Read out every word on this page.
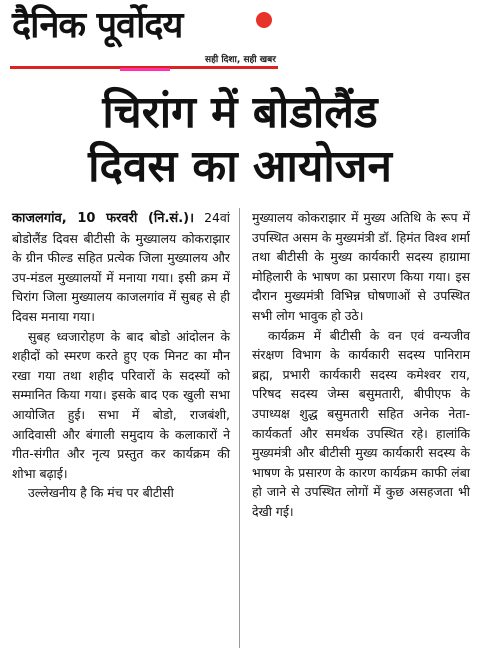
दैनिक पूर्वोदय
सही दिशा, सही खबर
चिरांग में बोडोलैंड
दिवस का आयोजन

काजलगांव, 10 फरवरी (नि.सं.)। 24वां बोडोलैंड दिवस बीटीसी के मुख्यालय कोकराझार के ग्रीन फील्ड सहित प्रत्येक जिला मुख्यालय और उप-मंडल मुख्यालयों में मनाया गया। इसी क्रम में चिरांग जिला मुख्यालय काजलगांव में सुबह से ही दिवस मनाया गया।

सुबह ध्वजारोहण के बाद बोडो आंदोलन के शहीदों को स्मरण करते हुए एक मिनट का मौन रखा गया तथा शहीद परिवारों के सदस्यों को सम्मानित किया गया। इसके बाद एक खुली सभा आयोजित हुई। सभा में बोडो, राजबंशी, आदिवासी और बंगाली समुदाय के कलाकारों ने गीत-संगीत और नृत्य प्रस्तुत कर कार्यक्रम की शोभा बढ़ाई।

उल्लेखनीय है कि मंच पर बीटीसी

मुख्यालय कोकराझार में मुख्य अतिथि के रूप में उपस्थित असम के मुख्यमंत्री डॉ. हिमंत विश्व शर्मा तथा बीटीसी के मुख्य कार्यकारी सदस्य हाग्रामा मोहिलारी के भाषण का प्रसारण किया गया। इस दौरान मुख्यमंत्री विभिन्न घोषणाओं से उपस्थित सभी लोग भावुक हो उठे।

कार्यक्रम में बीटीसी के वन एवं वन्यजीव संरक्षण विभाग के कार्यकारी सदस्य पानिराम ब्रह्म, प्रभारी कार्यकारी सदस्य कमेश्वर राय, परिषद सदस्य जेम्स बसुमतारी, बीपीएफ के उपाध्यक्ष शुद्ध बसुमतारी सहित अनेक नेता-कार्यकर्ता और समर्थक उपस्थित रहे। हालांकि मुख्यमंत्री और बीटीसी मुख्य कार्यकारी सदस्य के भाषण के प्रसारण के कारण कार्यक्रम काफी लंबा हो जाने से उपस्थित लोगों में कुछ असहजता भी देखी गई।
